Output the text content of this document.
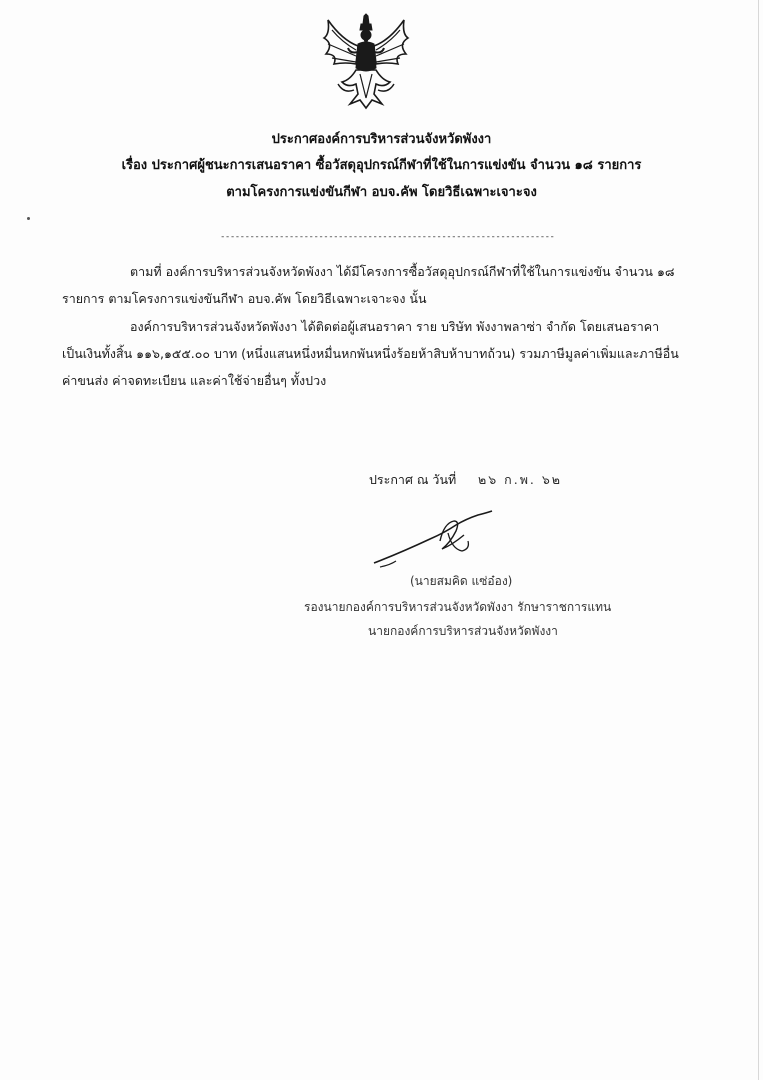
ประกาศองค์การบริหารส่วนจังหวัดพังงา
เรื่อง ประกาศผู้ชนะการเสนอราคา ซื้อวัสดุอุปกรณ์กีฬาที่ใช้ในการแข่งขัน จำนวน ๑๘ รายการ
ตามโครงการแข่งขันกีฬา อบจ.คัพ โดยวิธีเฉพาะเจาะจง
--------------------------------------------------------------------
ตามที่ องค์การบริหารส่วนจังหวัดพังงา ได้มีโครงการซื้อวัสดุอุปกรณ์กีฬาที่ใช้ในการแข่งขัน จำนวน ๑๘
รายการ ตามโครงการแข่งขันกีฬา อบจ.คัพ โดยวิธีเฉพาะเจาะจง นั้น
องค์การบริหารส่วนจังหวัดพังงา ได้ติดต่อผู้เสนอราคา ราย บริษัท พังงาพลาซ่า จำกัด โดยเสนอราคา
เป็นเงินทั้งสิ้น ๑๑๖,๑๕๕.๐๐ บาท (หนึ่งแสนหนึ่งหมื่นหกพันหนึ่งร้อยห้าสิบห้าบาทถ้วน) รวมภาษีมูลค่าเพิ่มและภาษีอื่น
ค่าขนส่ง ค่าจดทะเบียน และค่าใช้จ่ายอื่นๆ ทั้งปวง
ประกาศ ณ วันที่ ๒๖ ก.พ. ๖๒
(นายสมคิด แซ่อ๋อง)
รองนายกองค์การบริหารส่วนจังหวัดพังงา รักษาราชการแทน
นายกองค์การบริหารส่วนจังหวัดพังงา
